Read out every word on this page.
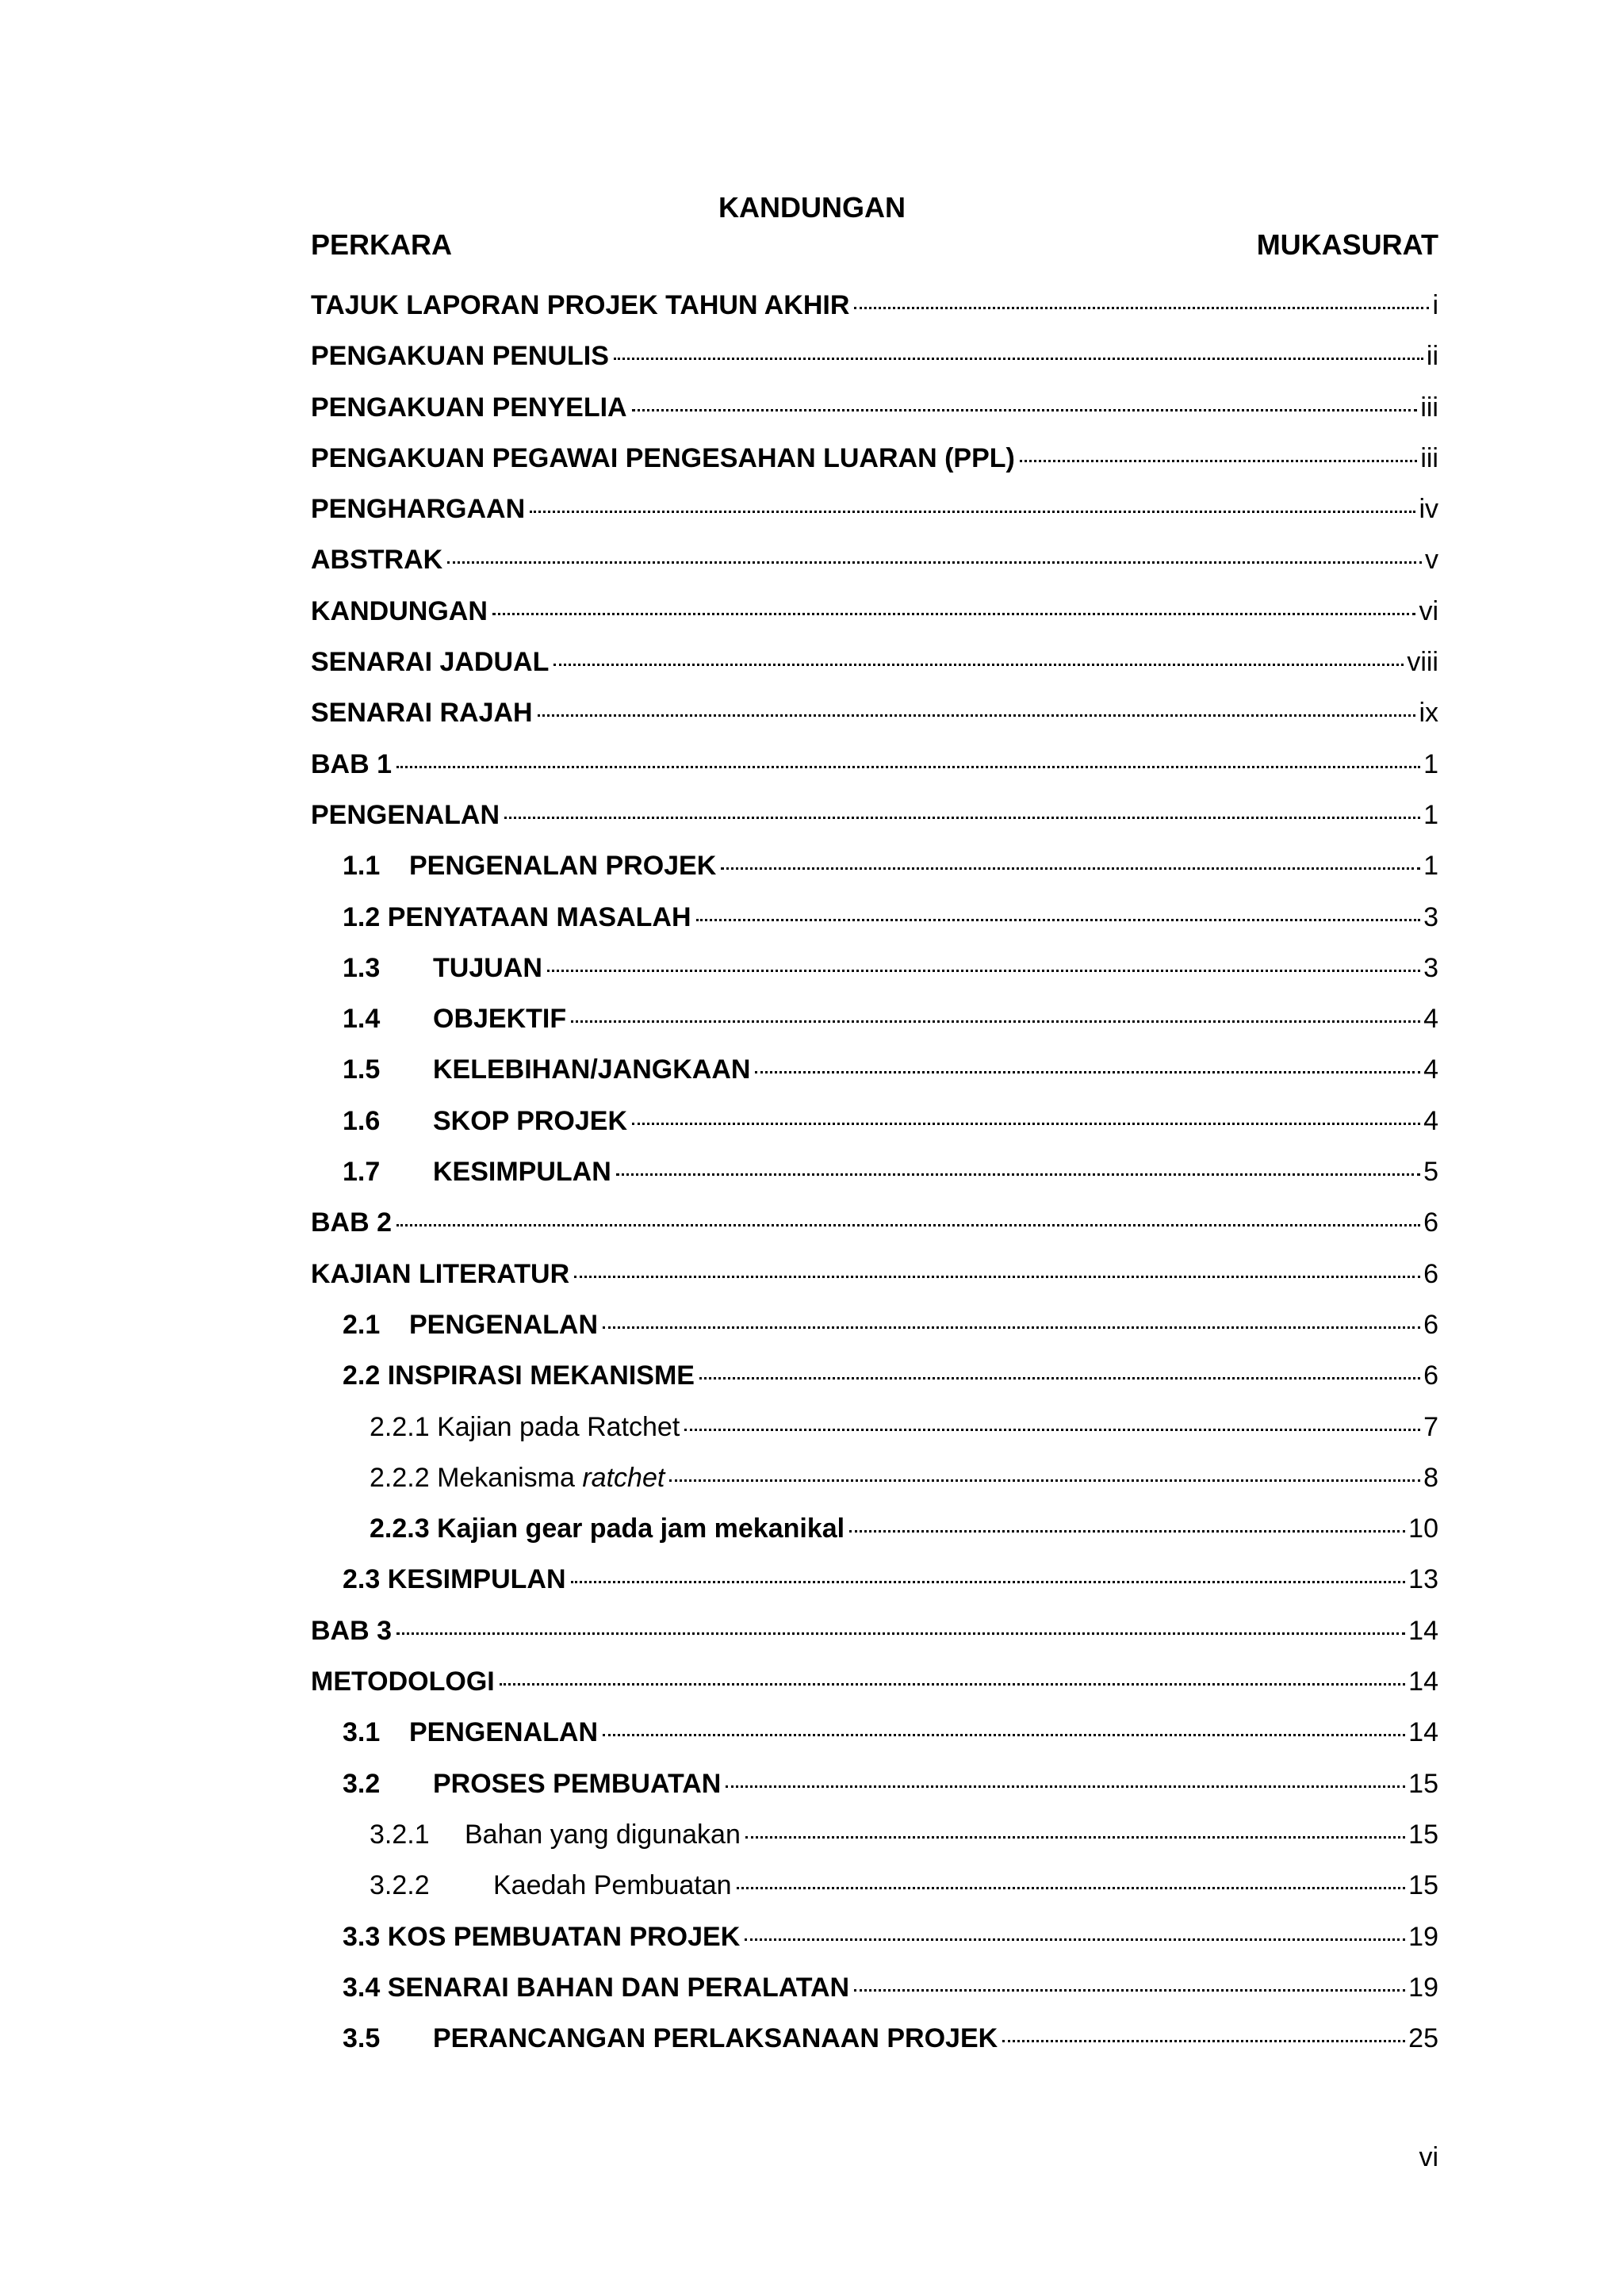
KANDUNGAN
PERKARA	MUKASURAT
TAJUK LAPORAN PROJEK TAHUN AKHIR	i
PENGAKUAN PENULIS	ii
PENGAKUAN PENYELIA	iii
PENGAKUAN PEGAWAI PENGESAHAN LUARAN (PPL)	iii
PENGHARGAAN	iv
ABSTRAK	v
KANDUNGAN	vi
SENARAI JADUAL	viii
SENARAI RAJAH	ix
BAB 1	1
PENGENALAN	1
1.1	PENGENALAN PROJEK	1
1.2 PENYATAAN MASALAH	3
1.3	TUJUAN	3
1.4	OBJEKTIF	4
1.5	KELEBIHAN/JANGKAAN	4
1.6	SKOP PROJEK	4
1.7	KESIMPULAN	5
BAB 2	6
KAJIAN LITERATUR	6
2.1	PENGENALAN	6
2.2 INSPIRASI MEKANISME	6
2.2.1 Kajian pada Ratchet	7
2.2.2 Mekanisma ratchet	8
2.2.3 Kajian gear pada jam mekanikal	10
2.3 KESIMPULAN	13
BAB 3	14
METODOLOGI	14
3.1	PENGENALAN	14
3.2	PROSES PEMBUATAN	15
3.2.1	Bahan yang digunakan	15
3.2.2	Kaedah Pembuatan	15
3.3 KOS PEMBUATAN PROJEK	19
3.4 SENARAI BAHAN DAN PERALATAN	19
3.5	PERANCANGAN PERLAKSANAAN PROJEK	25
vi
